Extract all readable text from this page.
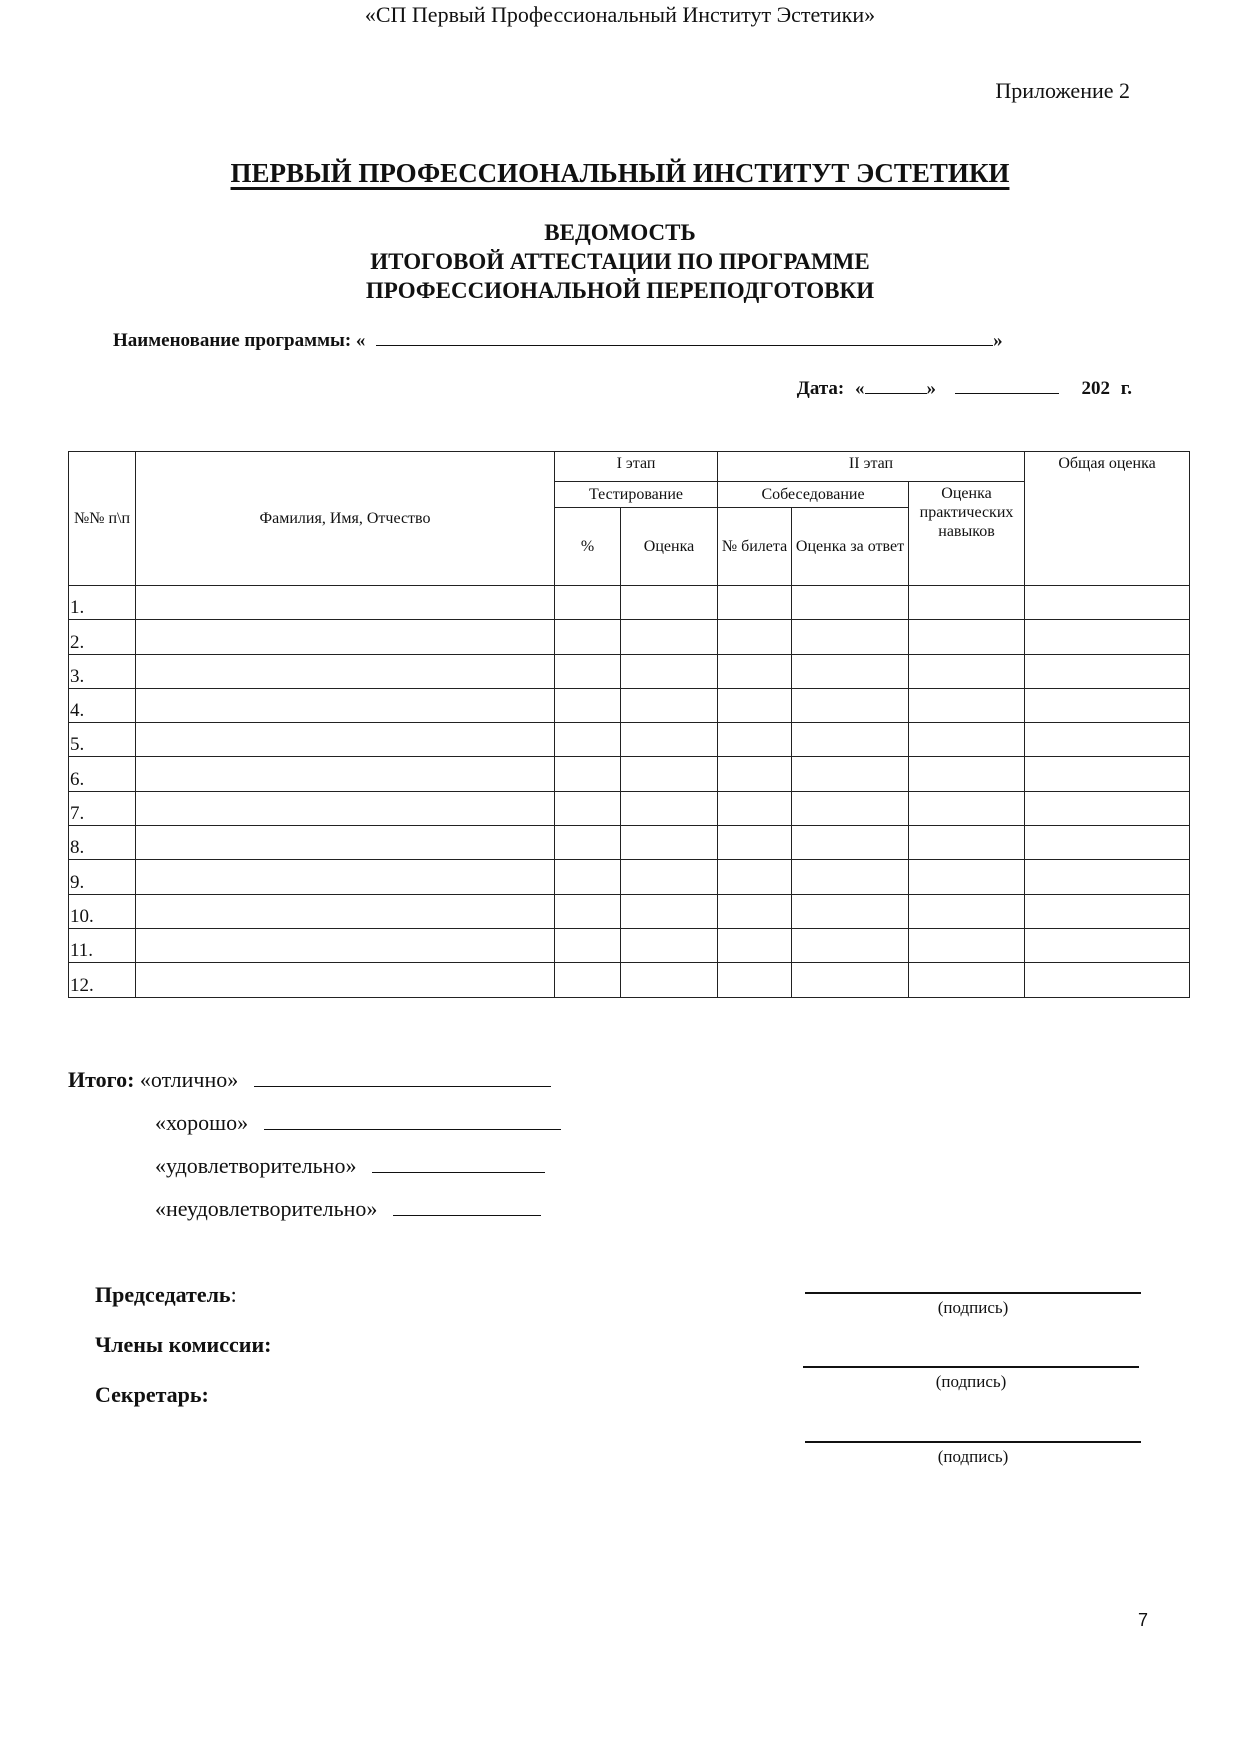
«СП Первый Профессиональный Институт Эстетики»
Приложение 2
ПЕРВЫЙ ПРОФЕССИОНАЛЬНЫЙ ИНСТИТУТ ЭСТЕТИКИ
ВЕДОМОСТЬ
ИТОГОВОЙ АТТЕСТАЦИИ ПО ПРОГРАММЕ
ПРОФЕССИОНАЛЬНОЙ ПЕРЕПОДГОТОВКИ
Наименование программы: «	»
Дата: «	»	202 г.
№№ п\п	Фамилия, Имя, Отчество	I этап		II этап			Общая оценка
		Тестирование		Собеседование		Оценка практических навыков	
		%	Оценка	№ билета	Оценка за ответ		
1.							
2.							
3.							
4.							
5.							
6.							
7.							
8.							
9.							
10.							
11.							
12.							
Итого: «отлично»
«хорошо»
«удовлетворительно»
«неудовлетворительно»
Председатель:
Члены комиссии:
Секретарь:
(подпись)
(подпись)
(подпись)
7
